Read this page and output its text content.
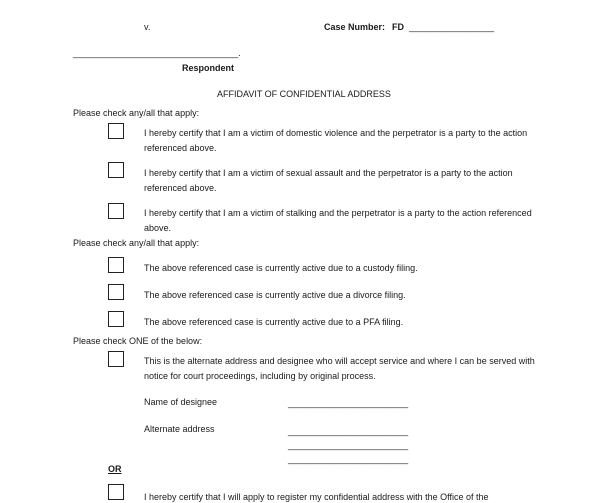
v.	Case Number: FD _________________
_________________________________.
Respondent
AFFIDAVIT OF CONFIDENTIAL ADDRESS
Please check any/all that apply:
I hereby certify that I am a victim of domestic violence and the perpetrator is a party to the action referenced above.
I hereby certify that I am a victim of sexual assault and the perpetrator is a party to the action referenced above.
I hereby certify that I am a victim of stalking and the perpetrator is a party to the action referenced above.
Please check any/all that apply:
The above referenced case is currently active due to a custody filing.
The above referenced case is currently active due a divorce filing.
The above referenced case is currently active due to a PFA filing.
Please check ONE of the below:
This is the alternate address and designee who will accept service and where I can be served with notice for court proceedings, including by original process.
Name of designee	________________________
Alternate address	________________________
________________________
________________________
OR
I hereby certify that I will apply to register my confidential address with the Office of the
